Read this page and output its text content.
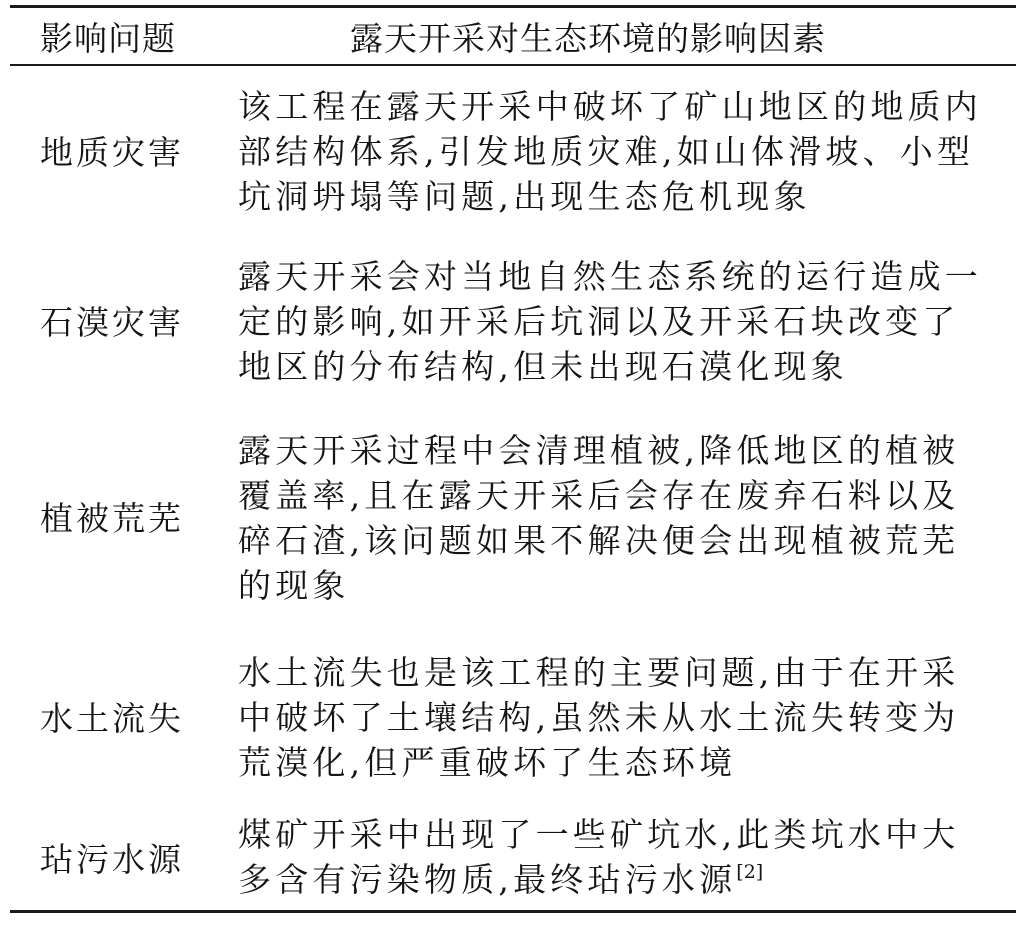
影响问题	露天开采对生态环境的影响因素
地质灾害
该工程在露天开采中破坏了矿山地区的地质内
部结构体系,引发地质灾难,如山体滑坡、小型
坑洞坍塌等问题,出现生态危机现象
石漠灾害
露天开采会对当地自然生态系统的运行造成一
定的影响,如开采后坑洞以及开采石块改变了
地区的分布结构,但未出现石漠化现象
植被荒芜
露天开采过程中会清理植被,降低地区的植被
覆盖率,且在露天开采后会存在废弃石料以及
碎石渣,该问题如果不解决便会出现植被荒芜
的现象
水土流失
水土流失也是该工程的主要问题,由于在开采
中破坏了土壤结构,虽然未从水土流失转变为
荒漠化,但严重破坏了生态环境
玷污水源
煤矿开采中出现了一些矿坑水,此类坑水中大
多含有污染物质,最终玷污水源[2]
